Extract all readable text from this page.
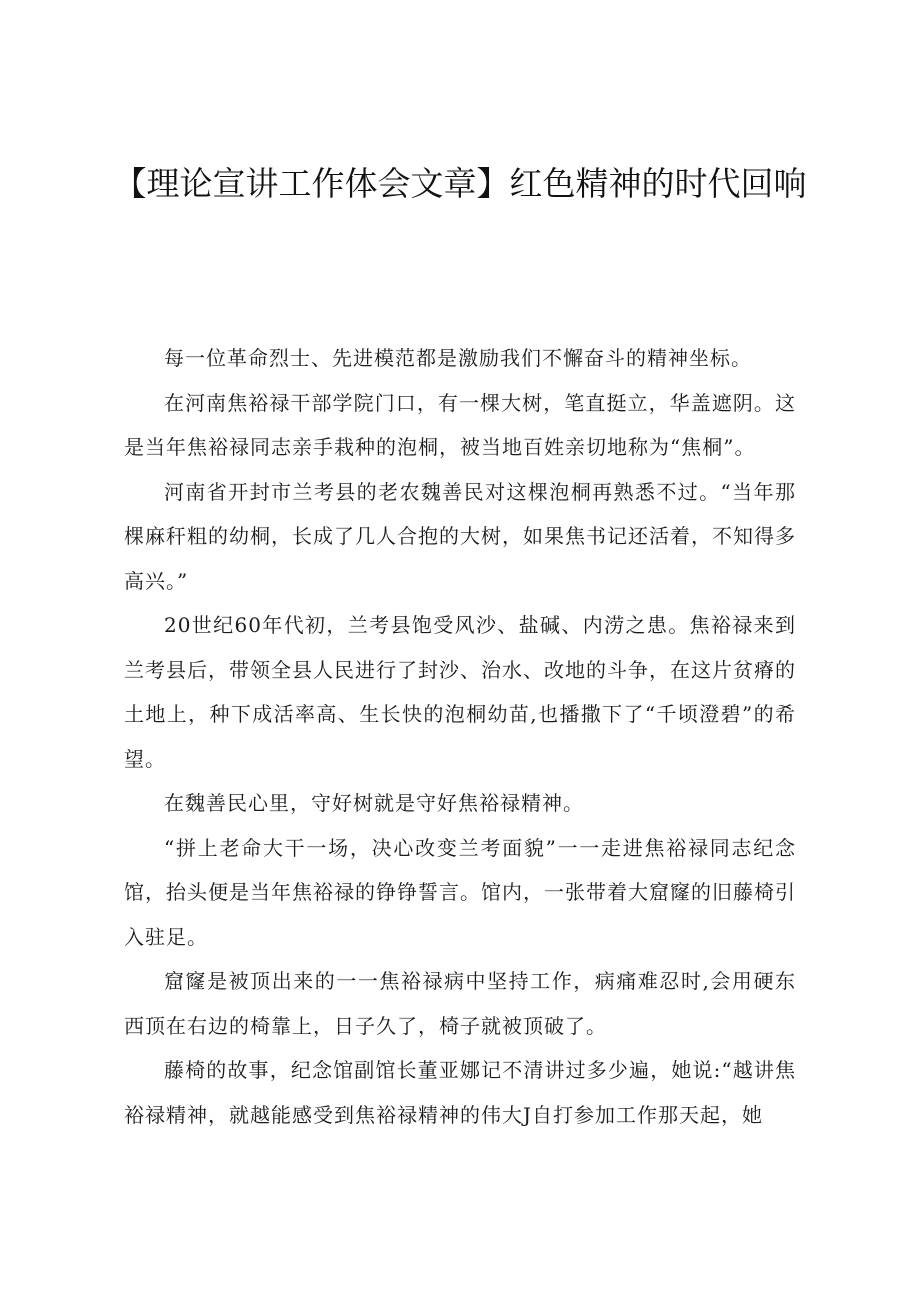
【理论宣讲工作体会文章】红色精神的时代回响

每一位革命烈士、先进模范都是激励我们不懈奋斗的精神坐标。

在河南焦裕禄干部学院门口，有一棵大树，笔直挺立，华盖遮阴。这是当年焦裕禄同志亲手栽种的泡桐，被当地百姓亲切地称为“焦桐”。

河南省开封市兰考县的老农魏善民对这棵泡桐再熟悉不过。“当年那棵麻秆粗的幼桐，长成了几人合抱的大树，如果焦书记还活着，不知得多高兴。”

20世纪60年代初，兰考县饱受风沙、盐碱、内涝之患。焦裕禄来到兰考县后，带领全县人民进行了封沙、治水、改地的斗争，在这片贫瘠的土地上，种下成活率高、生长快的泡桐幼苗,也播撒下了“千顷澄碧”的希望。

在魏善民心里，守好树就是守好焦裕禄精神。

“拼上老命大干一场，决心改变兰考面貌”一一走进焦裕禄同志纪念馆，抬头便是当年焦裕禄的铮铮誓言。馆内，一张带着大窟窿的旧藤椅引入驻足。

窟窿是被顶出来的一一焦裕禄病中坚持工作，病痛难忍时,会用硬东西顶在右边的椅靠上，日子久了，椅子就被顶破了。

藤椅的故事，纪念馆副馆长董亚娜记不清讲过多少遍，她说:“越讲焦裕禄精神，就越能感受到焦裕禄精神的伟大J自打参加工作那天起，她
